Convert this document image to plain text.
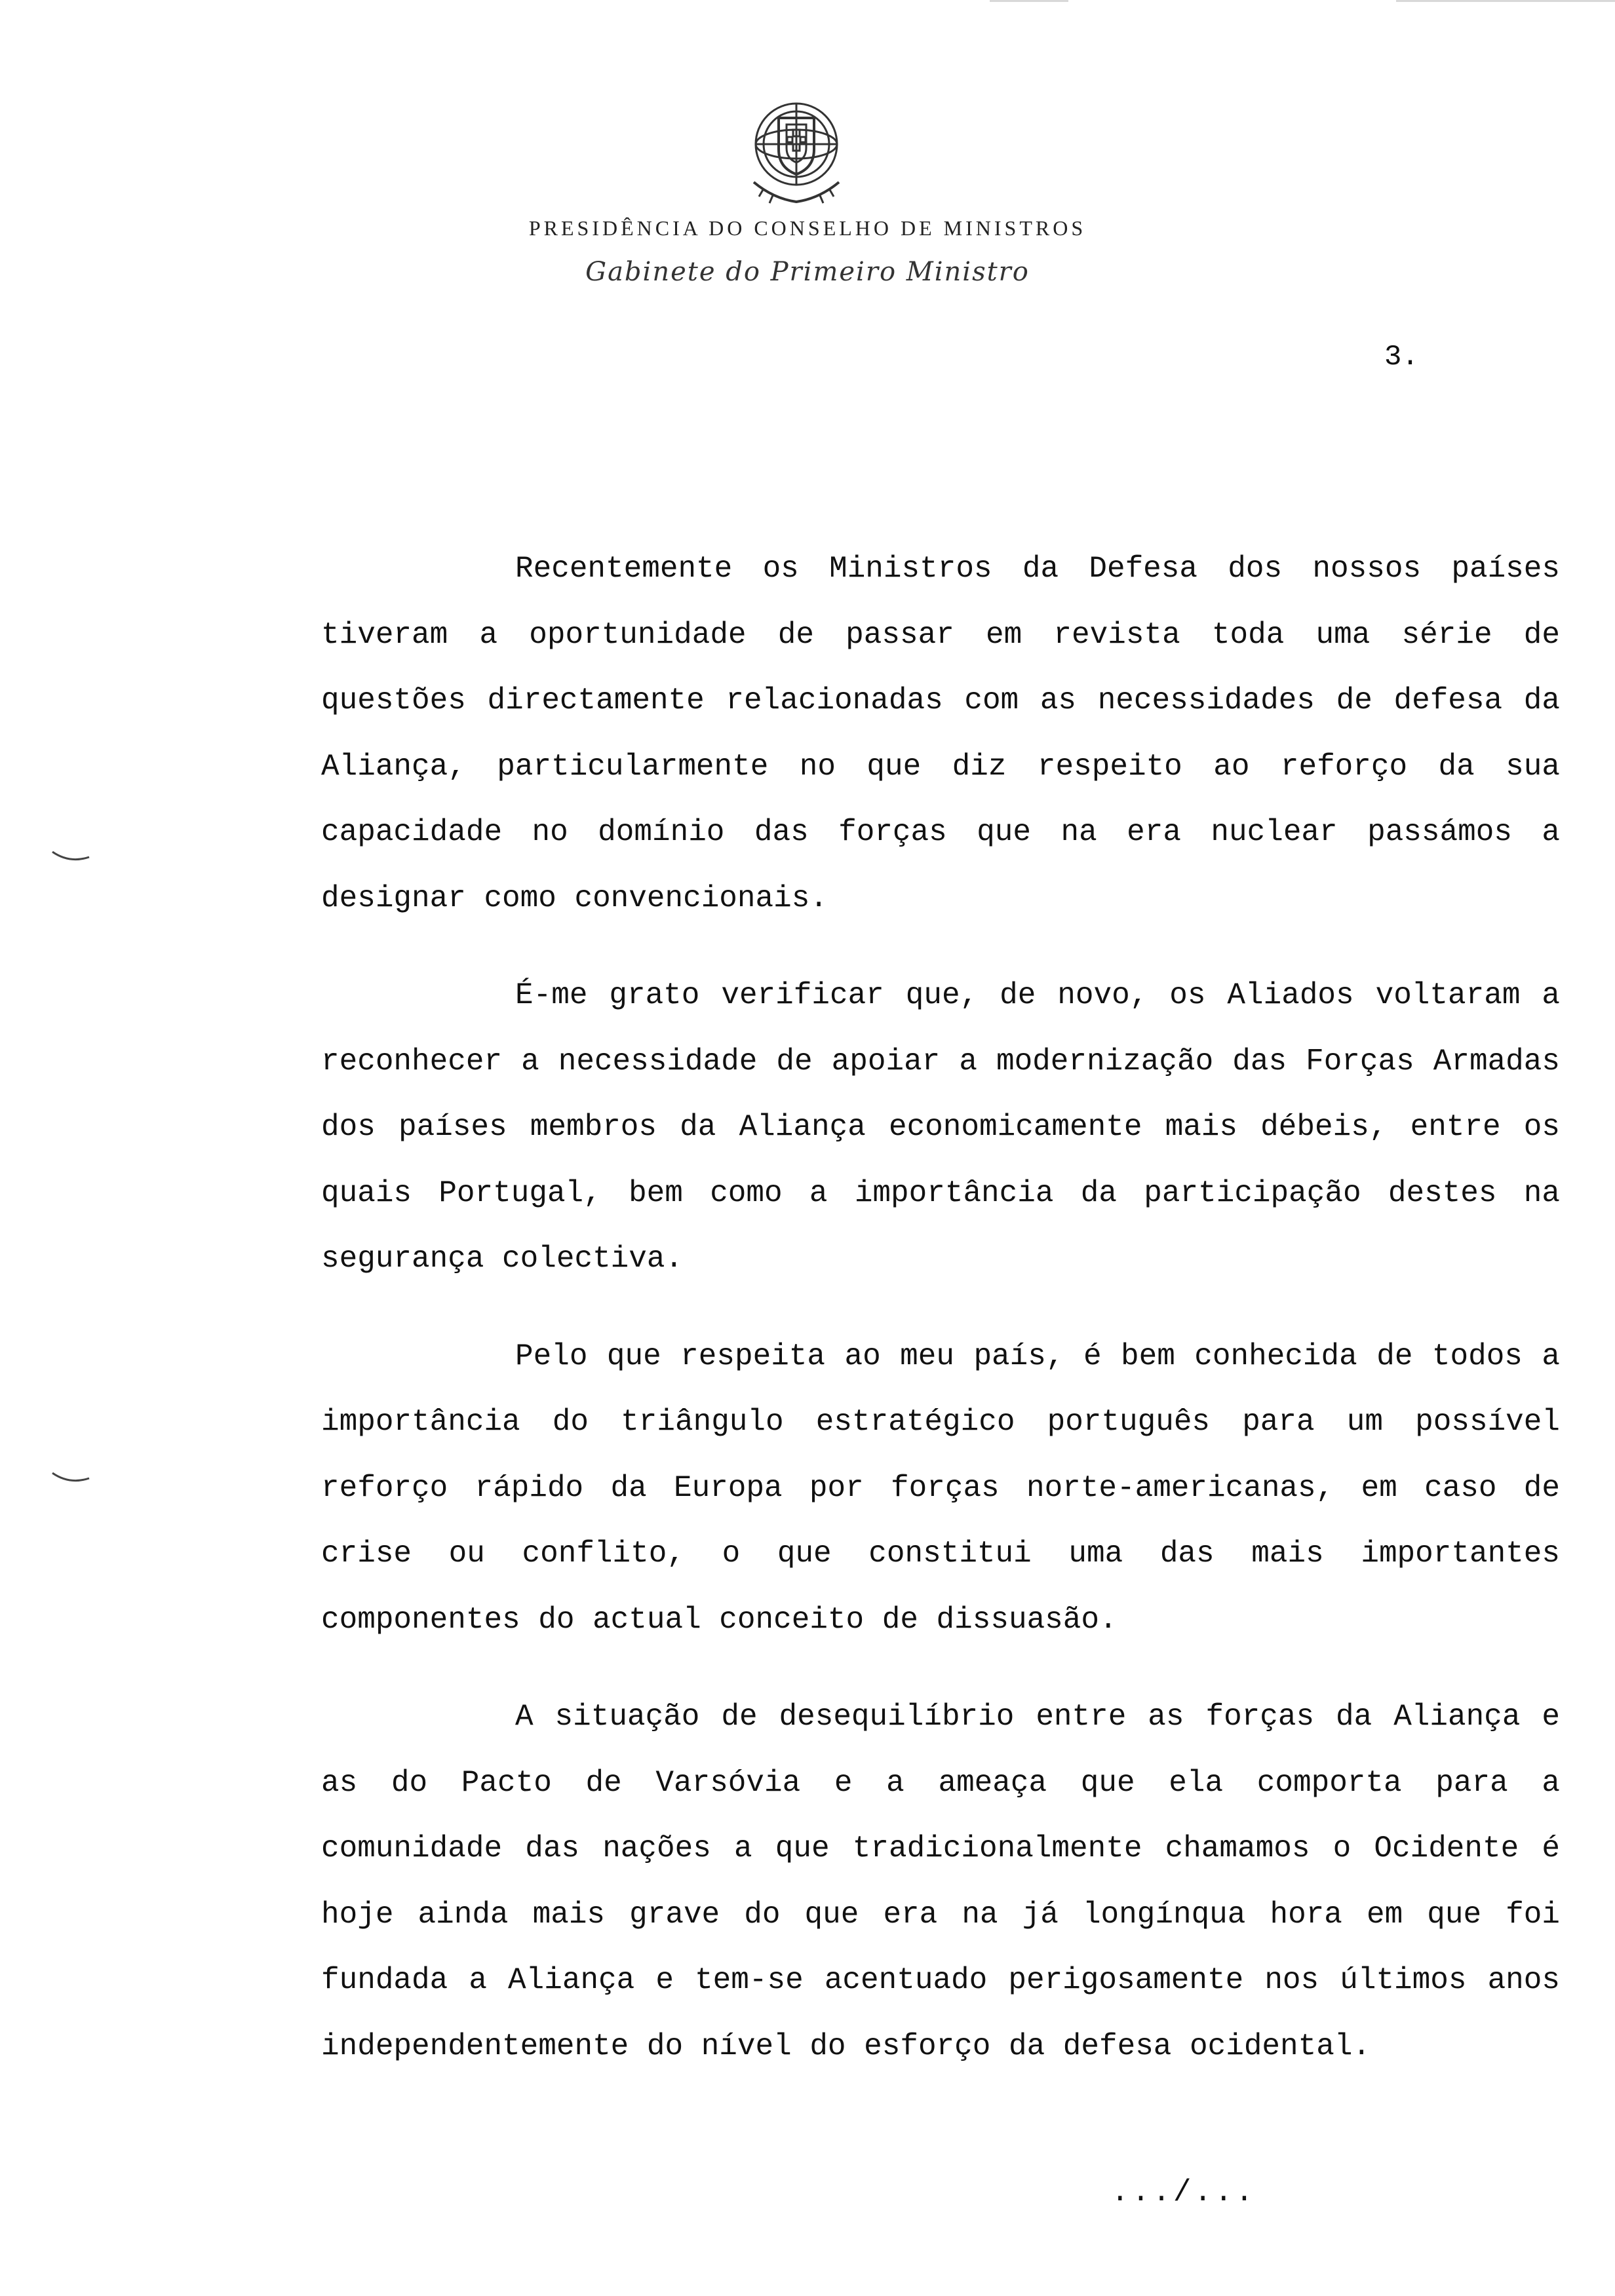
PRESIDÊNCIA DO CONSELHO DE MINISTROS
Gabinete do Primeiro Ministro
3.

Recentemente os Ministros da Defesa dos nossos países tiveram a oportunidade de passar em revista toda uma série de questões directamente relacionadas com as necessidades de defesa da Aliança, particularmente no que diz respeito ao reforço da sua capacidade no domínio das forças que na era nuclear passámos a designar como convencionais.

É-me grato verificar que, de novo, os Aliados voltaram a reconhecer a necessidade de apoiar a modernização das Forças Armadas dos países membros da Aliança economicamente mais débeis, entre os quais Portugal, bem como a importância da participação destes na segurança colectiva.

Pelo que respeita ao meu país, é bem conhecida de todos a importância do triângulo estratégico português para um possível reforço rápido da Europa por forças norte-americanas, em caso de crise ou conflito, o que constitui uma das mais importantes componentes do actual conceito de dissuasão.

A situação de desequilíbrio entre as forças da Aliança e as do Pacto de Varsóvia e a ameaça que ela comporta para a comunidade das nações a que tradicionalmente chamamos o Ocidente é hoje ainda mais grave do que era na já longínqua hora em que foi fundada a Aliança e tem-se acentuado perigosamente nos últimos anos independentemente do nível do esforço da defesa ocidental.

.../...
